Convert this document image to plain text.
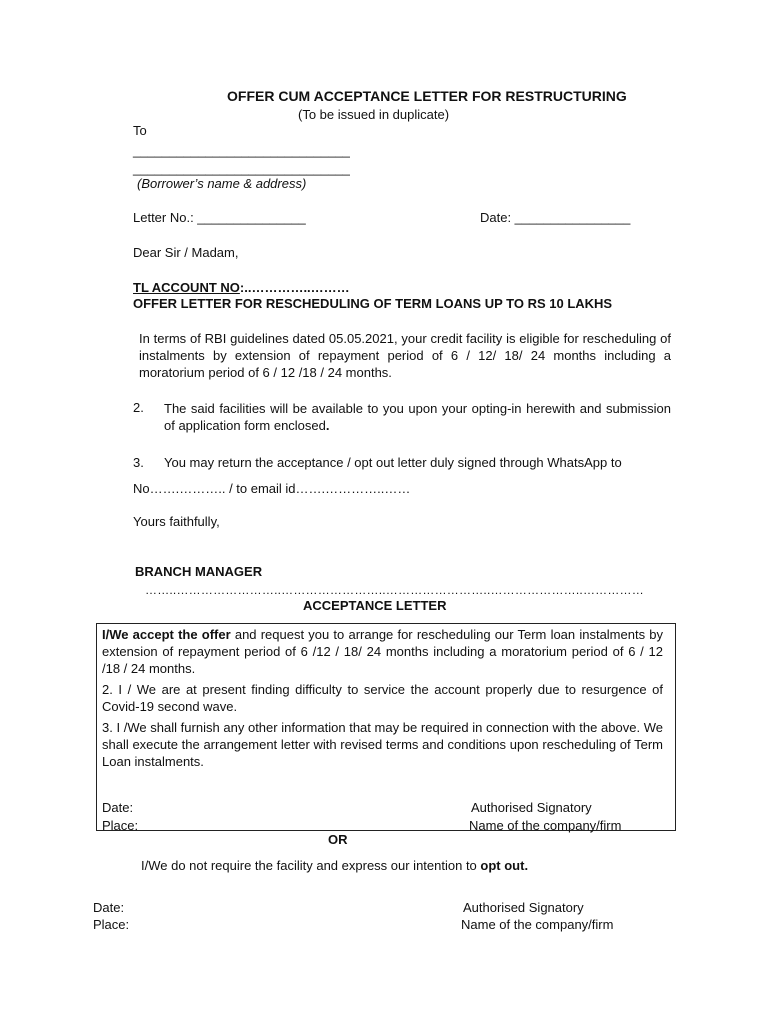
OFFER CUM ACCEPTANCE LETTER FOR RESTRUCTURING
(To be issued in duplicate)
To
______________________________
______________________________
(Borrower’s name & address)
Letter No.: _______________	Date: ________________
Dear Sir / Madam,
TL ACCOUNT NO:..…………..………
OFFER LETTER FOR RESCHEDULING OF TERM LOANS UP TO RS 10 LAKHS
In terms of RBI guidelines dated 05.05.2021, your credit facility is eligible for rescheduling of instalments by extension of repayment period of 6 / 12/ 18/ 24 months including a moratorium period of 6 / 12 /18 / 24 months.
2. The said facilities will be available to you upon your opting-in herewith and submission of application form enclosed.
3. You may return the acceptance / opt out letter duly signed through WhatsApp to
No…….……….. / to email id…….…………..……
Yours faithfully,
BRANCH MANAGER
……..……………………..……………………..……………………..…………………..……………
ACCEPTANCE LETTER
I/We accept the offer and request you to arrange for rescheduling our Term loan instalments by extension of repayment period of 6 /12 / 18/ 24 months including a moratorium period of 6 / 12 /18 / 24 months.
2. I / We are at present finding difficulty to service the account properly due to resurgence of Covid-19 second wave.
3. I /We shall furnish any other information that may be required in connection with the above. We shall execute the arrangement letter with revised terms and conditions upon rescheduling of Term Loan instalments.
Date:
Place:
Authorised Signatory
Name of the company/firm
OR
I/We do not require the facility and express our intention to opt out.
Date:
Place:
Authorised Signatory
Name of the company/firm
